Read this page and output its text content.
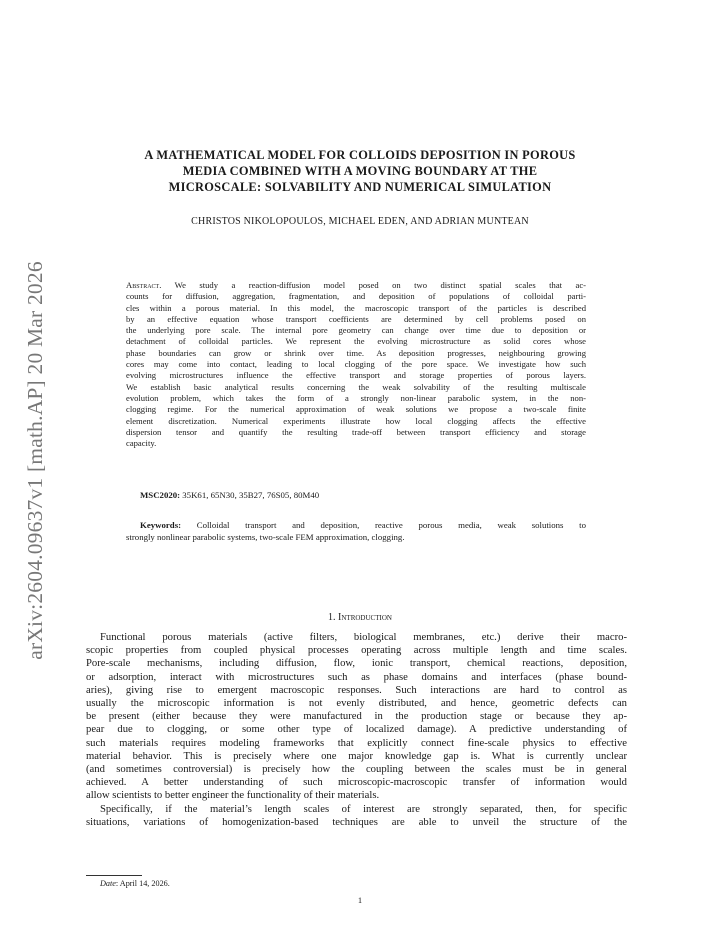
arXiv:2604.09637v1 [math.AP] 20 Mar 2026
A MATHEMATICAL MODEL FOR COLLOIDS DEPOSITION IN POROUS
MEDIA COMBINED WITH A MOVING BOUNDARY AT THE
MICROSCALE: SOLVABILITY AND NUMERICAL SIMULATION
CHRISTOS NIKOLOPOULOS, MICHAEL EDEN, AND ADRIAN MUNTEAN
Abstract. We study a reaction-diffusion model posed on two distinct spatial scales that ac-
counts for diffusion, aggregation, fragmentation, and deposition of populations of colloidal parti-
cles within a porous material. In this model, the macroscopic transport of the particles is described
by an effective equation whose transport coefficients are determined by cell problems posed on
the underlying pore scale. The internal pore geometry can change over time due to deposition or
detachment of colloidal particles. We represent the evolving microstructure as solid cores whose
phase boundaries can grow or shrink over time. As deposition progresses, neighbouring growing
cores may come into contact, leading to local clogging of the pore space. We investigate how such
evolving microstructures influence the effective transport and storage properties of porous layers.
We establish basic analytical results concerning the weak solvability of the resulting multiscale
evolution problem, which takes the form of a strongly non-linear parabolic system, in the non-
clogging regime. For the numerical approximation of weak solutions we propose a two-scale finite
element discretization. Numerical experiments illustrate how local clogging affects the effective
dispersion tensor and quantify the resulting trade-off between transport efficiency and storage
capacity.
MSC2020: 35K61, 65N30, 35B27, 76S05, 80M40
Keywords: Colloidal transport and deposition, reactive porous media, weak solutions to
strongly nonlinear parabolic systems, two-scale FEM approximation, clogging.
1. Introduction
Functional porous materials (active filters, biological membranes, etc.) derive their macro-
scopic properties from coupled physical processes operating across multiple length and time scales.
Pore-scale mechanisms, including diffusion, flow, ionic transport, chemical reactions, deposition,
or adsorption, interact with microstructures such as phase domains and interfaces (phase bound-
aries), giving rise to emergent macroscopic responses. Such interactions are hard to control as
usually the microscopic information is not evenly distributed, and hence, geometric defects can
be present (either because they were manufactured in the production stage or because they ap-
pear due to clogging, or some other type of localized damage). A predictive understanding of
such materials requires modeling frameworks that explicitly connect fine-scale physics to effective
material behavior. This is precisely where one major knowledge gap is. What is currently unclear
(and sometimes controversial) is precisely how the coupling between the scales must be in general
achieved. A better understanding of such microscopic-macroscopic transfer of information would
allow scientists to better engineer the functionality of their materials.
Specifically, if the material’s length scales of interest are strongly separated, then, for specific
situations, variations of homogenization-based techniques are able to unveil the structure of the
Date: April 14, 2026.
1
